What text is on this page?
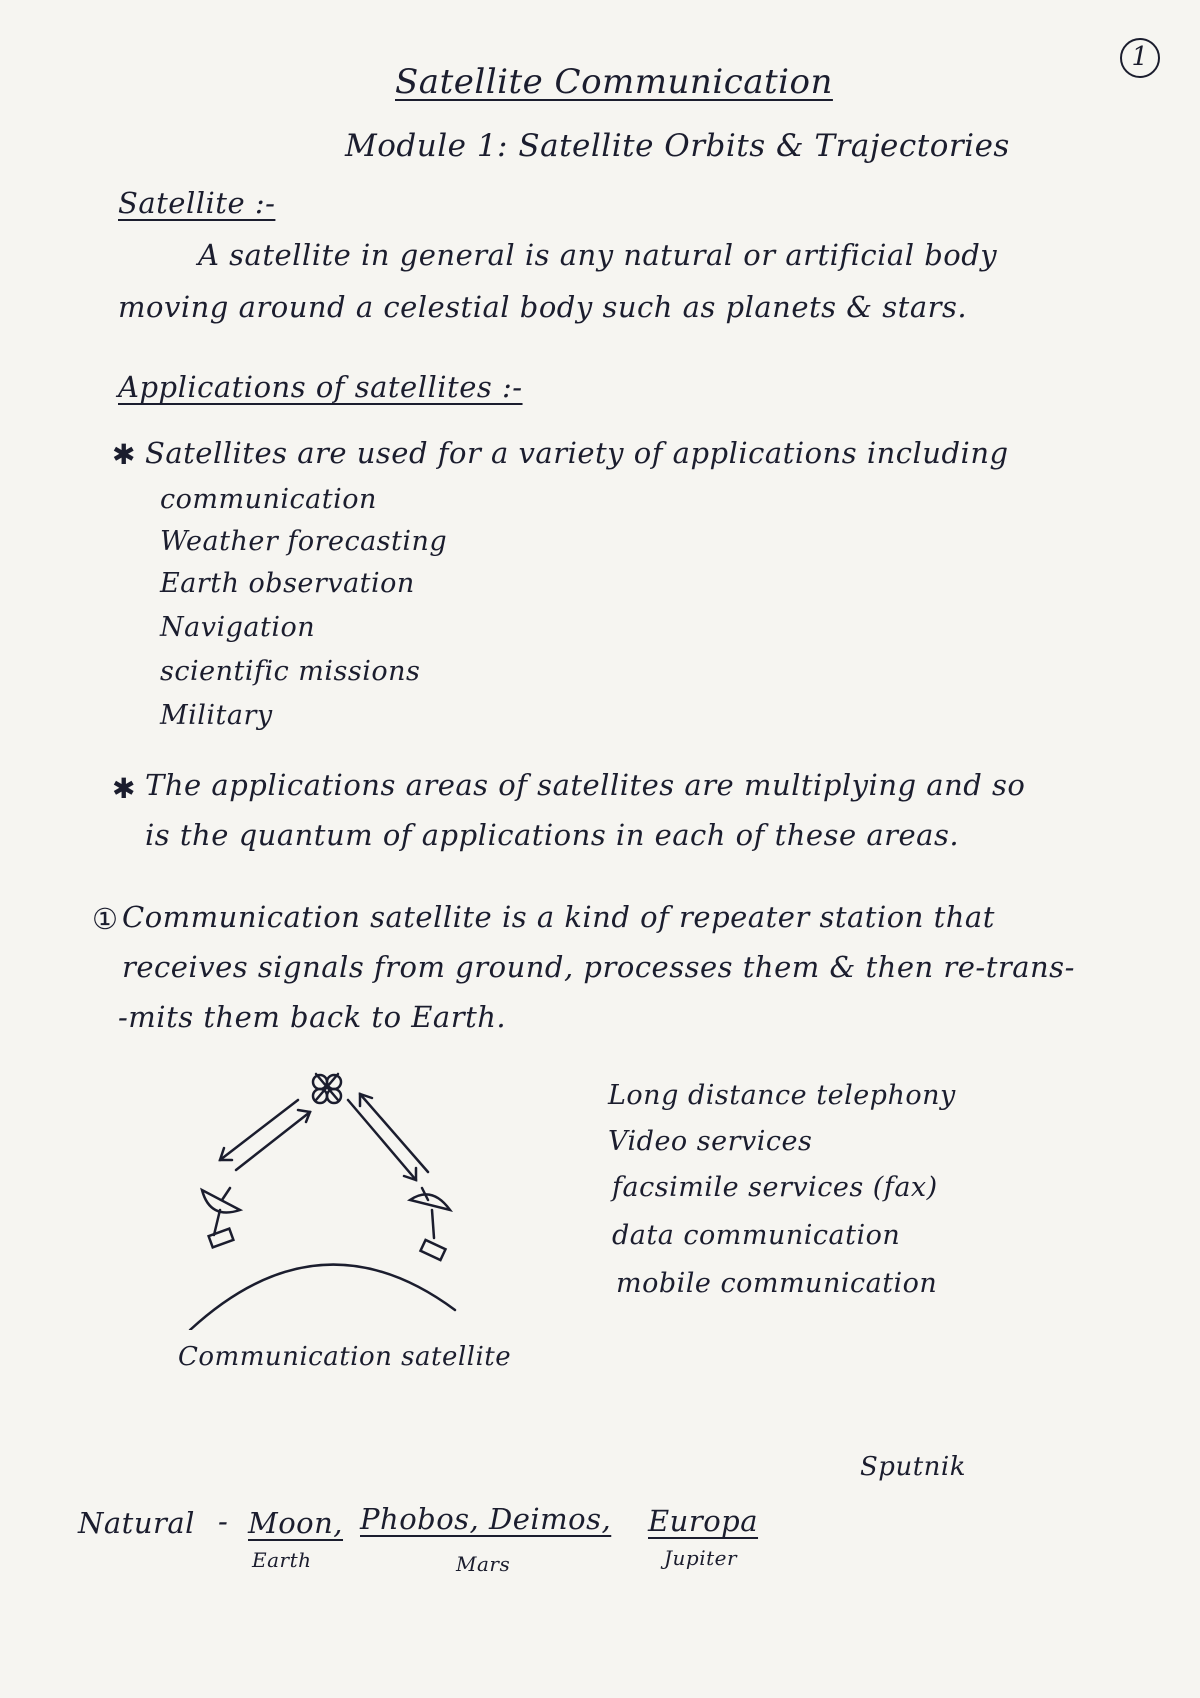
1
Satellite Communication
Module 1: Satellite Orbits & Trajectories
Satellite :-
A satellite in general is any natural or artificial body
moving around a celestial body such as planets & stars.
Applications of satellites :-
✱ Satellites are used for a variety of applications including
communication
Weather forecasting
Earth observation
Navigation
scientific missions
Military
✱ The applications areas of satellites are multiplying and so
is the quantum of applications in each of these areas.
① Communication satellite is a kind of repeater station that
receives signals from ground, processes them & then re-trans-
-mits them back to Earth.
Communication satellite
Long distance telephony
Video services
facsimile services (fax)
data communication
mobile communication
Sputnik
Natural - Moon, Phobos, Deimos, Europa
Earth	Mars	Jupiter
